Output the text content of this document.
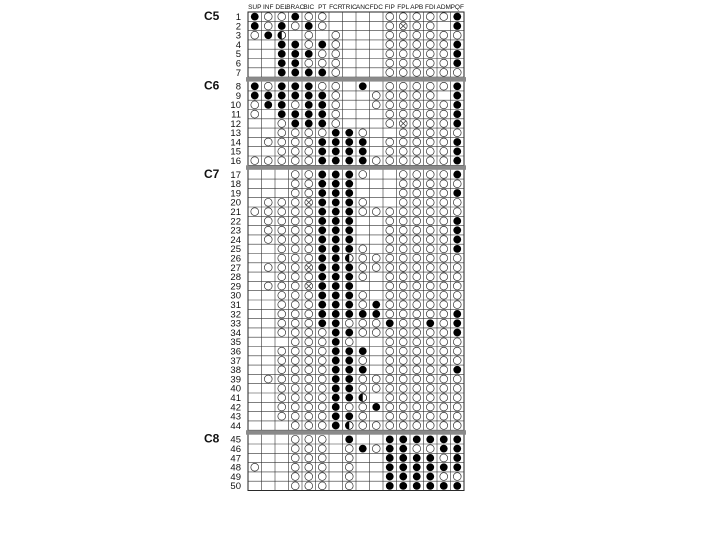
SUP INF DEL
BRAC BIC PT FCR TRIC ANC FDC FIP FPL APB FDI ADM PQF
C5
C6
C7
C8
1
2
3
4
5
6
7
8
9
10
11
12
13
14
15
16
17
18
19
20
21
22
23
24
25
26
27
28
29
30
31
32
33
34
35
36
37
38
39
40
41
42
43
44
45
46
47
48
49
50
